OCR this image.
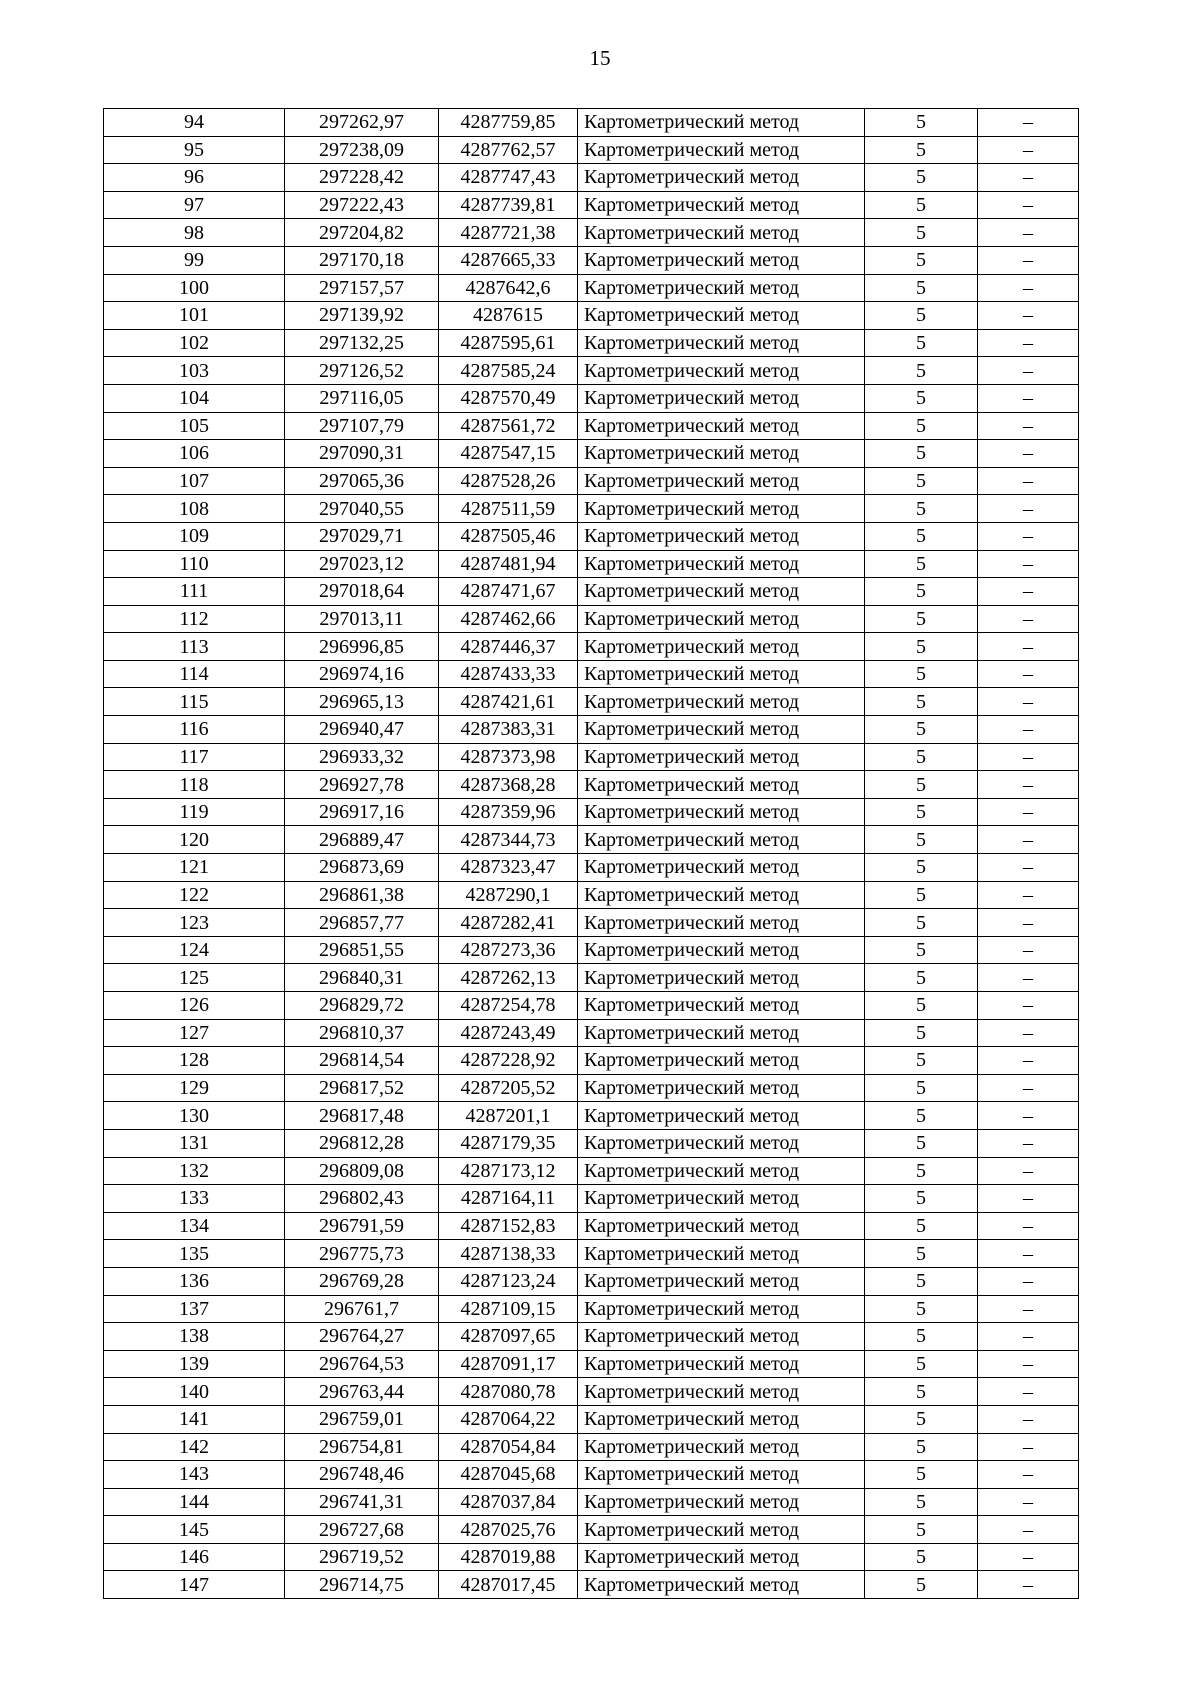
15
94	297262,97	4287759,85	Картометрический метод	5	–
95	297238,09	4287762,57	Картометрический метод	5	–
96	297228,42	4287747,43	Картометрический метод	5	–
97	297222,43	4287739,81	Картометрический метод	5	–
98	297204,82	4287721,38	Картометрический метод	5	–
99	297170,18	4287665,33	Картометрический метод	5	–
100	297157,57	4287642,6	Картометрический метод	5	–
101	297139,92	4287615	Картометрический метод	5	–
102	297132,25	4287595,61	Картометрический метод	5	–
103	297126,52	4287585,24	Картометрический метод	5	–
104	297116,05	4287570,49	Картометрический метод	5	–
105	297107,79	4287561,72	Картометрический метод	5	–
106	297090,31	4287547,15	Картометрический метод	5	–
107	297065,36	4287528,26	Картометрический метод	5	–
108	297040,55	4287511,59	Картометрический метод	5	–
109	297029,71	4287505,46	Картометрический метод	5	–
110	297023,12	4287481,94	Картометрический метод	5	–
111	297018,64	4287471,67	Картометрический метод	5	–
112	297013,11	4287462,66	Картометрический метод	5	–
113	296996,85	4287446,37	Картометрический метод	5	–
114	296974,16	4287433,33	Картометрический метод	5	–
115	296965,13	4287421,61	Картометрический метод	5	–
116	296940,47	4287383,31	Картометрический метод	5	–
117	296933,32	4287373,98	Картометрический метод	5	–
118	296927,78	4287368,28	Картометрический метод	5	–
119	296917,16	4287359,96	Картометрический метод	5	–
120	296889,47	4287344,73	Картометрический метод	5	–
121	296873,69	4287323,47	Картометрический метод	5	–
122	296861,38	4287290,1	Картометрический метод	5	–
123	296857,77	4287282,41	Картометрический метод	5	–
124	296851,55	4287273,36	Картометрический метод	5	–
125	296840,31	4287262,13	Картометрический метод	5	–
126	296829,72	4287254,78	Картометрический метод	5	–
127	296810,37	4287243,49	Картометрический метод	5	–
128	296814,54	4287228,92	Картометрический метод	5	–
129	296817,52	4287205,52	Картометрический метод	5	–
130	296817,48	4287201,1	Картометрический метод	5	–
131	296812,28	4287179,35	Картометрический метод	5	–
132	296809,08	4287173,12	Картометрический метод	5	–
133	296802,43	4287164,11	Картометрический метод	5	–
134	296791,59	4287152,83	Картометрический метод	5	–
135	296775,73	4287138,33	Картометрический метод	5	–
136	296769,28	4287123,24	Картометрический метод	5	–
137	296761,7	4287109,15	Картометрический метод	5	–
138	296764,27	4287097,65	Картометрический метод	5	–
139	296764,53	4287091,17	Картометрический метод	5	–
140	296763,44	4287080,78	Картометрический метод	5	–
141	296759,01	4287064,22	Картометрический метод	5	–
142	296754,81	4287054,84	Картометрический метод	5	–
143	296748,46	4287045,68	Картометрический метод	5	–
144	296741,31	4287037,84	Картометрический метод	5	–
145	296727,68	4287025,76	Картометрический метод	5	–
146	296719,52	4287019,88	Картометрический метод	5	–
147	296714,75	4287017,45	Картометрический метод	5	–
